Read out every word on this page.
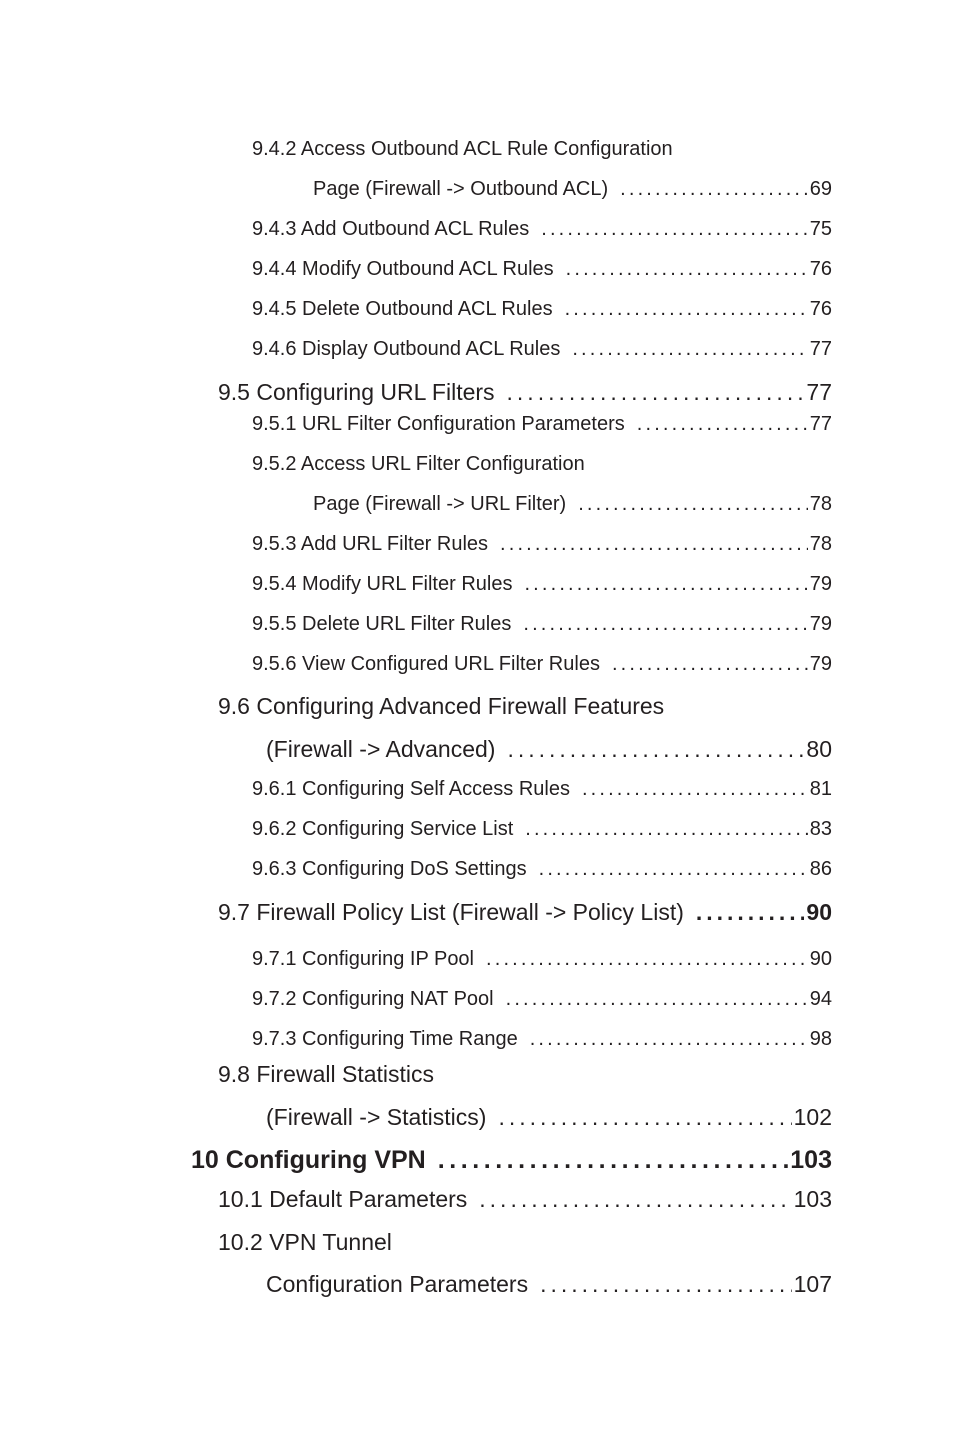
9.4.2 Access Outbound ACL Rule Configuration
Page (Firewall -> Outbound ACL) . . .	69
9.4.3 Add Outbound ACL Rules . . .	75
9.4.4 Modify Outbound ACL Rules . . .	76
9.4.5 Delete Outbound ACL Rules . . .	76
9.4.6 Display Outbound ACL Rules . . .	77
9.5 Configuring URL Filters . . .	77
9.5.1 URL Filter Configuration Parameters . . .	77
9.5.2 Access URL Filter Configuration
Page (Firewall -> URL Filter) . . .	78
9.5.3 Add URL Filter Rules . . .	78
9.5.4 Modify URL Filter Rules . . .	79
9.5.5 Delete URL Filter Rules . . .	79
9.5.6 View Configured URL Filter Rules . . .	79
9.6 Configuring Advanced Firewall Features
(Firewall -> Advanced) . . .	80
9.6.1 Configuring Self Access Rules . . .	81
9.6.2 Configuring Service List . . .	83
9.6.3 Configuring DoS Settings . . .	86
9.7 Firewall Policy List (Firewall -> Policy List) . . .	90
9.7.1 Configuring IP Pool . . .	90
9.7.2 Configuring NAT Pool . . .	94
9.7.3 Configuring Time Range . . .	98
9.8 Firewall Statistics
(Firewall -> Statistics) . . .	102
10 Configuring VPN . . .	103
10.1 Default Parameters . . .	103
10.2 VPN Tunnel
Configuration Parameters . . .	107
